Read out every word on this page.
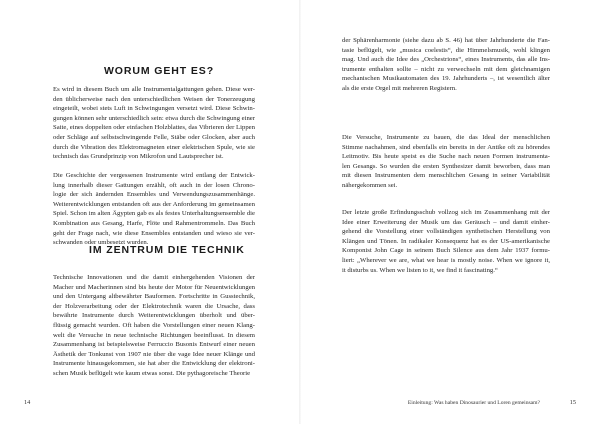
WORUM GEHT ES?
Es wird in diesem Buch um alle Instrumentalgattungen gehen. Diese wer-
den üblicherweise nach den unterschiedlichen Weisen der Tonerzeugung
eingeteilt, wobei stets Luft in Schwingungen versetzt wird. Diese Schwin-
gungen können sehr unterschiedlich sein: etwa durch die Schwingung einer
Saite, eines doppelten oder einfachen Holzblattes, das Vibrieren der Lippen
oder Schläge auf selbstschwingende Felle, Stäbe oder Glocken, aber auch
durch die Vibration des Elektromagneten einer elektrischen Spule, wie sie
technisch das Grundprinzip von Mikrofon und Lautsprecher ist.
Die Geschichte der vergessenen Instrumente wird entlang der Entwick-
lung innerhalb dieser Gattungen erzählt, oft auch in der losen Chrono-
logie der sich ändernden Ensembles und Verwendungszusammenhänge.
Weiterentwicklungen entstanden oft aus der Anforderung im gemeinsamen
Spiel. Schon im alten Ägypten gab es als festes Unterhaltungsensemble die
Kombination aus Gesang, Harfe, Flöte und Rahmentrommeln. Das Buch
geht der Frage nach, wie diese Ensembles entstanden und wieso sie ver-
schwanden oder umbesetzt wurden.
IM ZENTRUM DIE TECHNIK
Technische Innovationen und die damit einhergehenden Visionen der
Macher und Macherinnen sind bis heute der Motor für Neuentwicklungen
und den Untergang altbewährter Bauformen. Fortschritte in Gusstechnik,
der Holzverarbeitung oder der Elektrotechnik waren die Ursache, dass
bewährte Instrumente durch Weiterentwicklungen überholt und über-
flüssig gemacht wurden. Oft haben die Vorstellungen einer neuen Klang-
welt die Versuche in neue technische Richtungen beeinflusst. In diesem
Zusammenhang ist beispielsweise Ferruccio Busonis Entwurf einer neuen
Ästhetik der Tonkunst von 1907 nie über die vage Idee neuer Klänge und
Instrumente hinausgekommen, sie hat aber die Entwicklung der elektroni-
schen Musik beflügelt wie kaum etwas sonst. Die pythagoreische Theorie
14
der Sphärenharmonie (siehe dazu ab S. 46) hat über Jahrhunderte die Fan-
tasie beflügelt, wie „musica coelestis“, die Himmelsmusik, wohl klingen
mag. Und auch die Idee des „Orchestrions“, eines Instruments, das alle Ins-
trumente enthalten sollte – nicht zu verwechseln mit dem gleichnamigen
mechanischen Musikautomaten des 19. Jahrhunderts –, ist wesentlich älter
als die erste Orgel mit mehreren Registern.
Die Versuche, Instrumente zu bauen, die das Ideal der menschlichen
Stimme nachahmen, sind ebenfalls ein bereits in der Antike oft zu hörendes
Leitmotiv. Bis heute speist es die Suche nach neuen Formen instrumenta-
len Gesangs. So wurden die ersten Synthesizer damit beworben, dass man
mit diesen Instrumenten dem menschlichen Gesang in seiner Variabilität
nähergekommen sei.
Der letzte große Erfindungsschub vollzog sich im Zusammenhang mit der
Idee einer Erweiterung der Musik um das Geräusch – und damit einher-
gehend die Vorstellung einer vollständigen synthetischen Herstellung von
Klängen und Tönen. In radikaler Konsequenz hat es der US-amerikanische
Komponist John Cage in seinem Buch Silence aus dem Jahr 1937 formu-
liert: „Wherever we are, what we hear is mostly noise. When we ignore it,
it disturbs us. When we listen to it, we find it fascinating.“
Einleitung: Was haben Dinosaurier und Loren gemeinsam?	15
